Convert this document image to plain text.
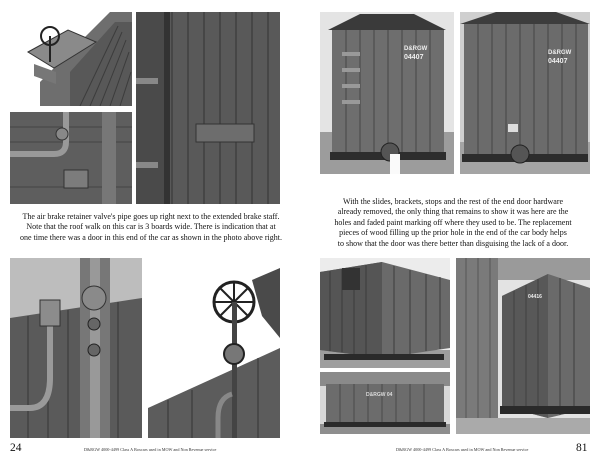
The air brake retainer valve's pipe goes up right next to the extended brake staff.
Note that the roof walk on this car is 3 boards wide. There is indication that at
one time there was a door in this end of the car as shown in the photo above right.
24	D&RGW 4000-4499 Class A Boxcars used in MOW and Non Revenue service
D&RGW
04407
D&RGW
04407
With the slides, brackets, stops and the rest of the end door hardware
already removed, the only thing that remains to show it was here are the
holes and faded paint marking off where they used to be. The replacement
pieces of wood filling up the prior hole in the end of the car body helps
to show that the door was there better than disguising the lack of a door.
D&RGW 04
04416
D&RGW 4000-4499 Class A Boxcars used in MOW and Non Revenue service	81
